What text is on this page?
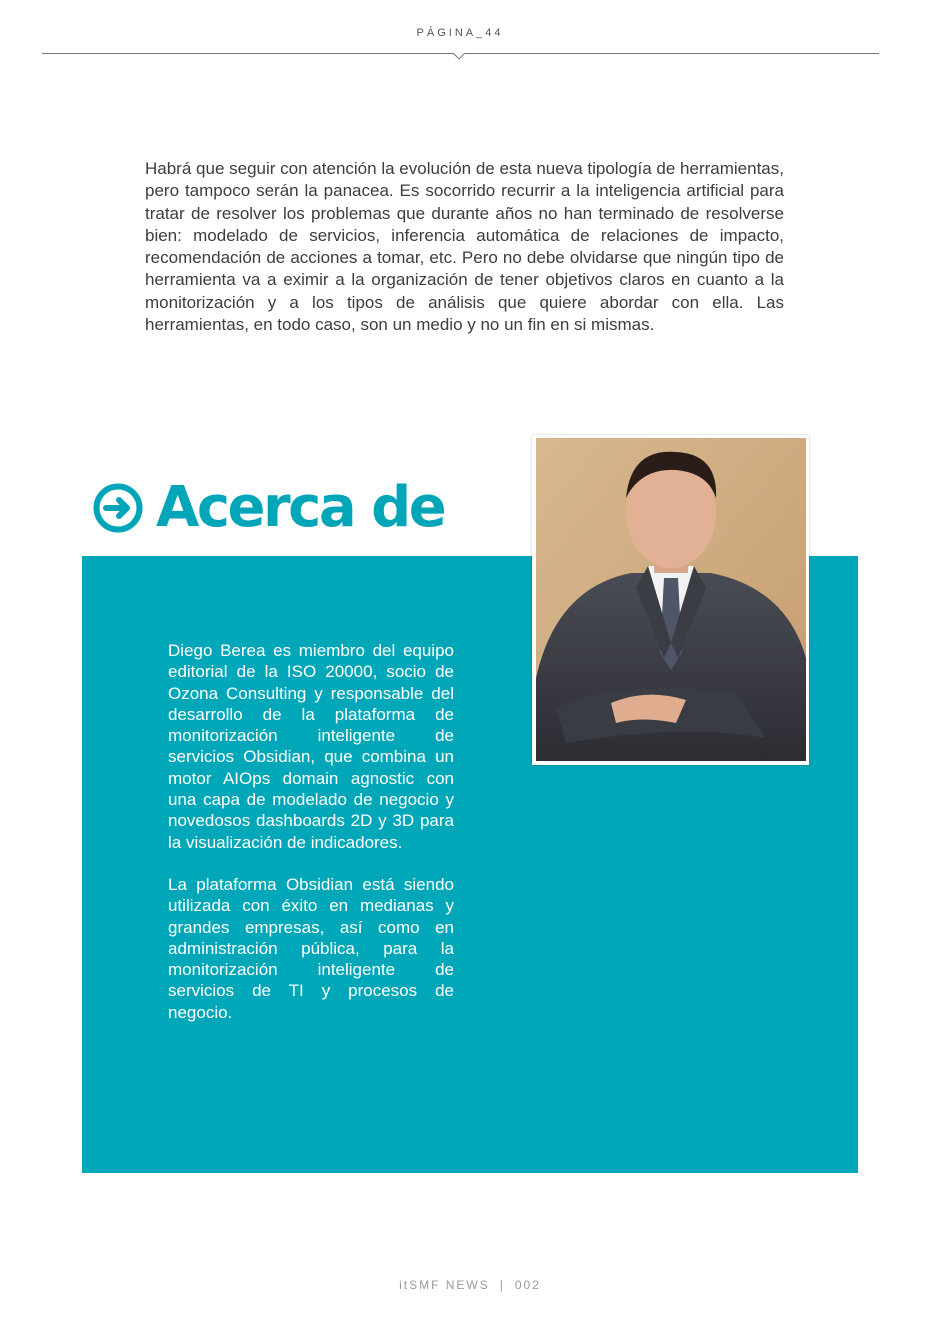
PÁGINA_44

Habrá que seguir con atención la evolución de esta nueva tipología de herramientas, pero tampoco serán la panacea. Es socorrido recurrir a la inteligencia artificial para tratar de resolver los problemas que durante años no han terminado de resolverse bien: modelado de servicios, inferencia automática de relaciones de impacto, recomendación de acciones a tomar, etc. Pero no debe olvidarse que ningún tipo de herramienta va a eximir a la organización de tener objetivos claros en cuanto a la monitorización y a los tipos de análisis que quiere abordar con ella. Las herramientas, en todo caso, son un medio y no un fin en si mismas.

Acerca de

Diego Berea es miembro del equipo editorial de la ISO 20000, socio de Ozona Consulting y responsable del desarrollo de la plataforma de monitorización inteligente de servicios Obsidian, que combina un motor AIOps domain agnostic con una capa de modelado de negocio y novedosos dashboards 2D y 3D para la visualización de indicadores.

La plataforma Obsidian está siendo utilizada con éxito en medianas y grandes empresas, así como en administración pública, para la monitorización inteligente de servicios de TI y procesos de negocio.

itSMF NEWS | 002
